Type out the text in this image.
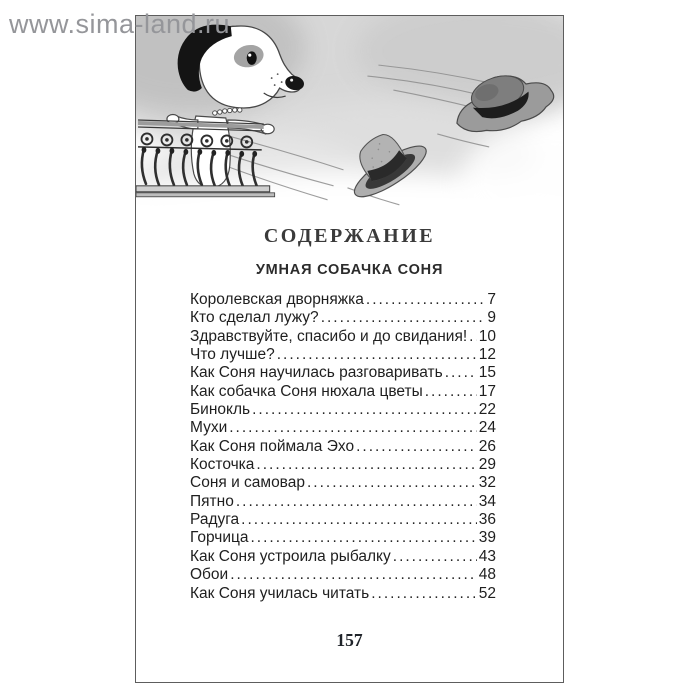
www.sima-land.ru
СОДЕРЖАНИЕ
УМНАЯ СОБАЧКА СОНЯ
Королевская дворняжка .....	7
Кто сделал лужу? .....	9
Здравствуйте, спасибо и до свидания! ..... 10
Что лучше? .....	12
Как Соня научилась разговаривать ..... 15
Как собачка Соня нюхала цветы .....	17
Бинокль .....	22
Мухи .....	24
Как Соня поймала Эхо .....	26
Косточка .....	29
Соня и самовар .....	32
Пятно .....	34
Радуга .....	36
Горчица .....	39
Как Соня устроила рыбалку .....	43
Обои .....	48
Как Соня училась читать .....	52
157
